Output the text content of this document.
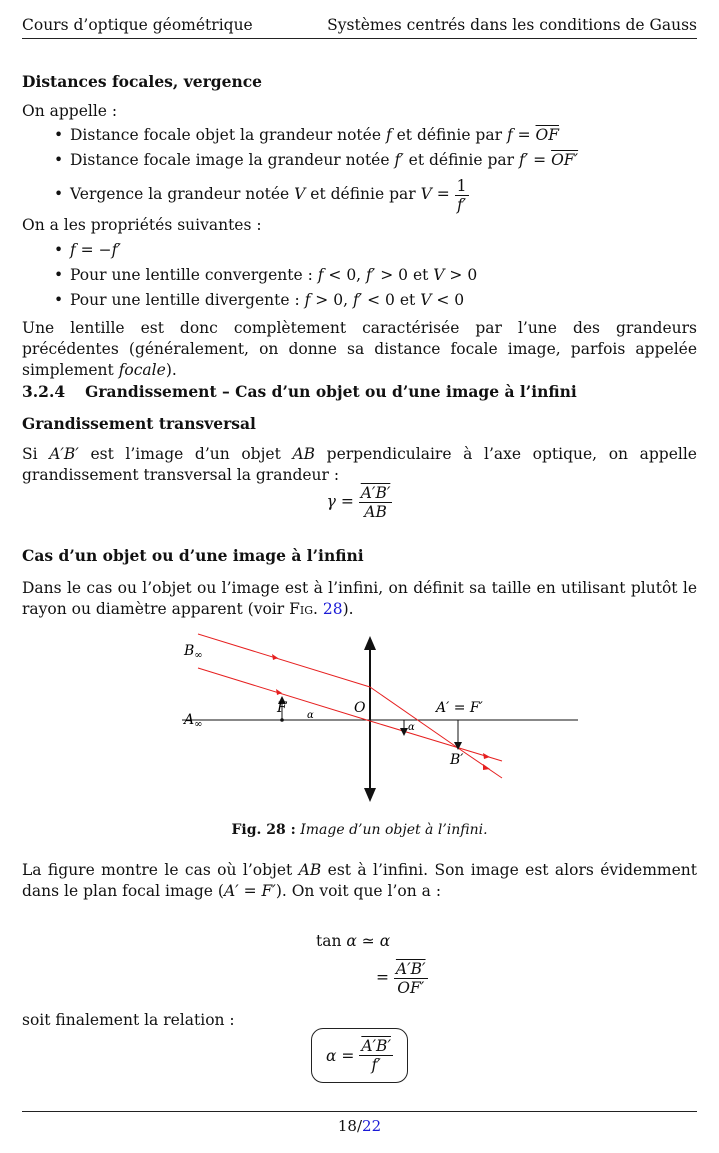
Cours d’optique géométrique	Systèmes centrés dans les conditions de Gauss
Distances focales, vergence
On appelle :
• Distance focale objet la grandeur notée f et définie par $f = \overline{OF}$
• Distance focale image la grandeur notée f′ et définie par f′ = OF′
• Vergence la grandeur notée V et définie par $V = \frac{1}{f'}$
On a les propriétés suivantes :
• f = −f′
• Pour une lentille convergente : f < 0, f′ > 0 et V > 0
• Pour une lentille divergente : f > 0, f′ < 0 et V < 0
Une lentille est donc complètement caractérisée par l’une des grandeurs précédentes (généralement, on donne sa distance focale image, parfois appelée simplement focale).
3.2.4 Grandissement – Cas d’un objet ou d’une image à l’infini
Grandissement transversal
Si A′B′ est l’image d’un objet AB perpendiculaire à l’axe optique, on appelle grandissement transversal la grandeur :
$\gamma = \frac{A'B'}{AB}$
Cas d’un objet ou d’une image à l’infini
Dans le cas ou l’objet ou l’image est à l’infini, on définit sa taille en utilisant plutôt le rayon ou diamètre apparent (voir Fig. 28).
$B_\infty$
$A_\infty$
F	O	A′ = F′
B′
α
α
Fig. 28 : Image d’un objet à l’infini.
La figure montre le cas où l’objet AB est à l’infini. Son image est alors évidemment dans le plan focal image (A′ = F′). On voit que l’on a :
tan α ≃ α
= $\frac{A'B'}{OF'}$
soit finalement la relation :
$\alpha = \frac{A'B'}{f'}$
18/22
